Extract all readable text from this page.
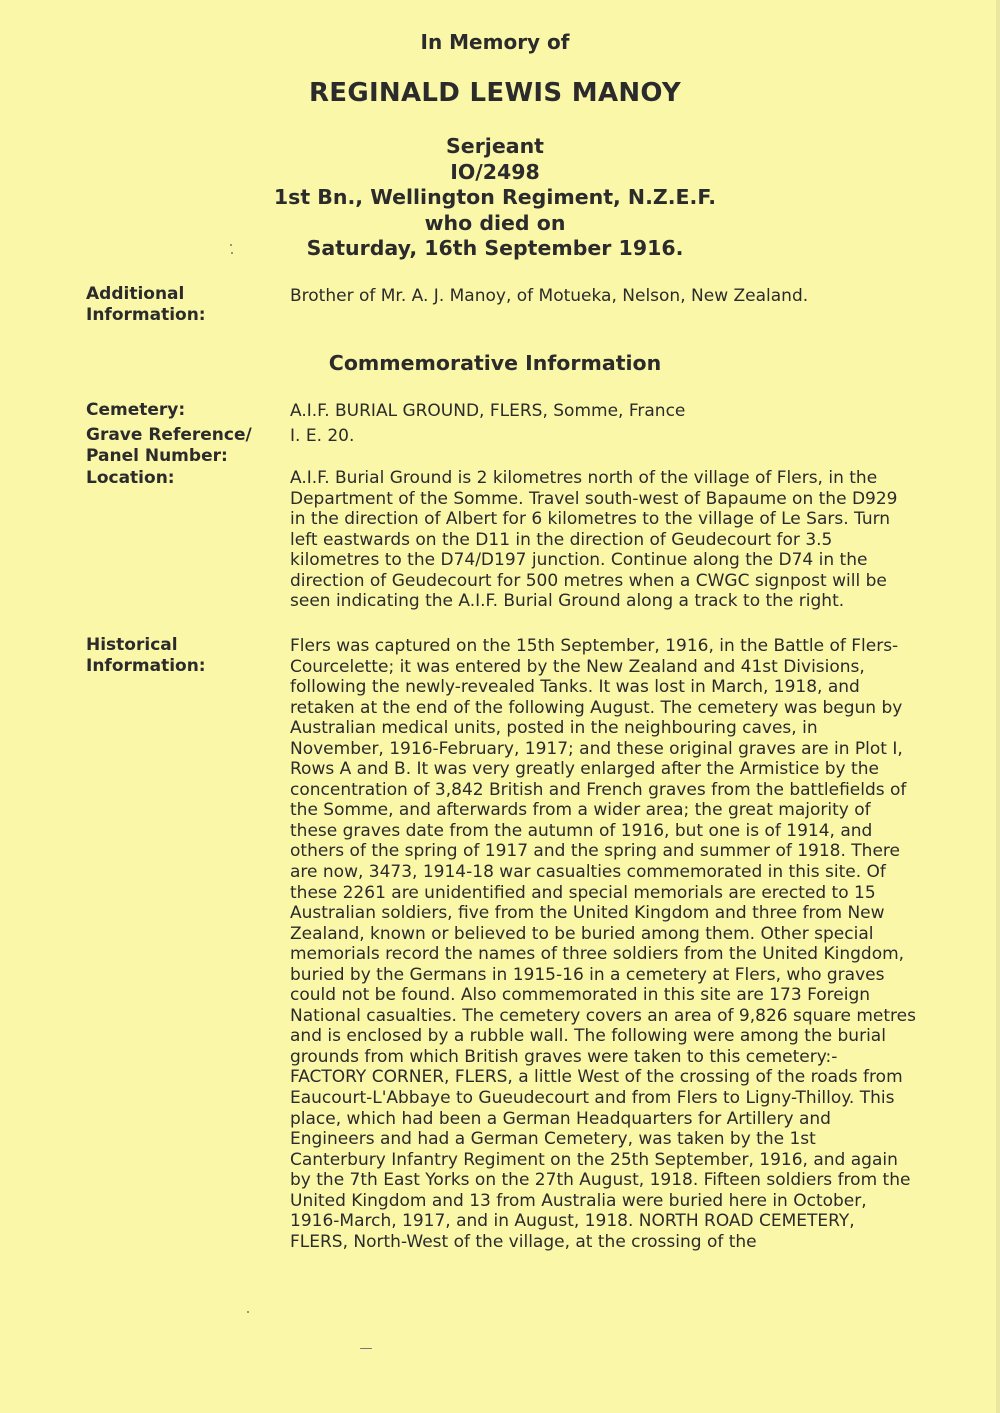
In Memory of
REGINALD LEWIS MANOY
Serjeant
IO/2498
1st Bn., Wellington Regiment, N.Z.E.F.
who died on
Saturday, 16th September 1916.
Additional Information:
Brother of Mr. A. J. Manoy, of Motueka, Nelson, New Zealand.
Commemorative Information
Cemetery:	A.I.F. BURIAL GROUND, FLERS, Somme, France
Grave Reference/ Panel Number:
I. E. 20.
Location:	A.I.F. Burial Ground is 2 kilometres north of the village of Flers, in the Department of the Somme. Travel south-west of Bapaume on the D929 in the direction of Albert for 6 kilometres to the village of Le Sars. Turn left eastwards on the D11 in the direction of Geudecourt for 3.5 kilometres to the D74/D197 junction. Continue along the D74 in the direction of Geudecourt for 500 metres when a CWGC signpost will be seen indicating the A.I.F. Burial Ground along a track to the right.
Historical Information:
Flers was captured on the 15th September, 1916, in the Battle of Flers-Courcelette; it was entered by the New Zealand and 41st Divisions, following the newly-revealed Tanks. It was lost in March, 1918, and retaken at the end of the following August. The cemetery was begun by Australian medical units, posted in the neighbouring caves, in November, 1916-February, 1917; and these original graves are in Plot I, Rows A and B. It was very greatly enlarged after the Armistice by the concentration of 3,842 British and French graves from the battlefields of the Somme, and afterwards from a wider area; the great majority of these graves date from the autumn of 1916, but one is of 1914, and others of the spring of 1917 and the spring and summer of 1918. There are now, 3473, 1914-18 war casualties commemorated in this site. Of these 2261 are unidentified and special memorials are erected to 15 Australian soldiers, five from the United Kingdom and three from New Zealand, known or believed to be buried among them. Other special memorials record the names of three soldiers from the United Kingdom, buried by the Germans in 1915-16 in a cemetery at Flers, who graves could not be found. Also commemorated in this site are 173 Foreign National casualties. The cemetery covers an area of 9,826 square metres and is enclosed by a rubble wall. The following were among the burial grounds from which British graves were taken to this cemetery:- FACTORY CORNER, FLERS, a little West of the crossing of the roads from Eaucourt-L'Abbaye to Gueudecourt and from Flers to Ligny-Thilloy. This place, which had been a German Headquarters for Artillery and Engineers and had a German Cemetery, was taken by the 1st Canterbury Infantry Regiment on the 25th September, 1916, and again by the 7th East Yorks on the 27th August, 1918. Fifteen soldiers from the United Kingdom and 13 from Australia were buried here in October, 1916-March, 1917, and in August, 1918. NORTH ROAD CEMETERY, FLERS, North-West of the village, at the crossing of the
